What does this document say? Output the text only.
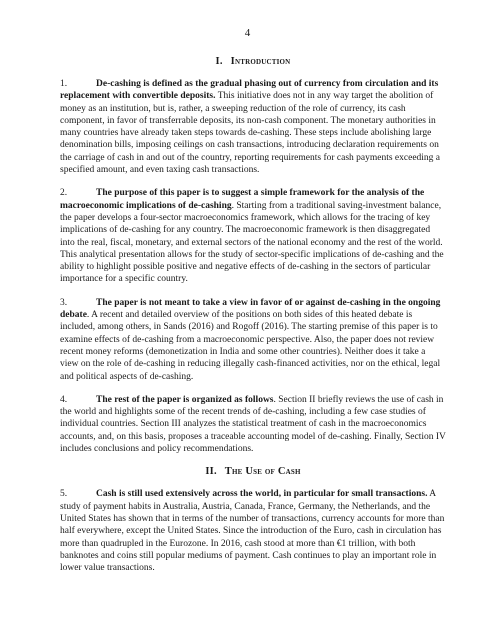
4
I. Introduction

1.	De-cashing is defined as the gradual phasing out of currency from circulation and its replacement with convertible deposits. This initiative does not in any way target the abolition of money as an institution, but is, rather, a sweeping reduction of the role of currency, its cash component, in favor of transferrable deposits, its non-cash component. The monetary authorities in many countries have already taken steps towards de-cashing. These steps include abolishing large denomination bills, imposing ceilings on cash transactions, introducing declaration requirements on the carriage of cash in and out of the country, reporting requirements for cash payments exceeding a specified amount, and even taxing cash transactions.

2.	The purpose of this paper is to suggest a simple framework for the analysis of the macroeconomic implications of de-cashing. Starting from a traditional saving-investment balance, the paper develops a four-sector macroeconomics framework, which allows for the tracing of key implications of de-cashing for any country. The macroeconomic framework is then disaggregated into the real, fiscal, monetary, and external sectors of the national economy and the rest of the world. This analytical presentation allows for the study of sector-specific implications of de-cashing and the ability to highlight possible positive and negative effects of de-cashing in the sectors of particular importance for a specific country.

3.	The paper is not meant to take a view in favor of or against de-cashing in the ongoing debate. A recent and detailed overview of the positions on both sides of this heated debate is included, among others, in Sands (2016) and Rogoff (2016). The starting premise of this paper is to examine effects of de-cashing from a macroeconomic perspective. Also, the paper does not review recent money reforms (demonetization in India and some other countries). Neither does it take a view on the role of de-cashing in reducing illegally cash-financed activities, nor on the ethical, legal and political aspects of de-cashing.

4.	The rest of the paper is organized as follows. Section II briefly reviews the use of cash in the world and highlights some of the recent trends of de-cashing, including a few case studies of individual countries. Section III analyzes the statistical treatment of cash in the macroeconomics accounts, and, on this basis, proposes a traceable accounting model of de-cashing. Finally, Section IV includes conclusions and policy recommendations.

II. The Use of Cash

5.	Cash is still used extensively across the world, in particular for small transactions. A study of payment habits in Australia, Austria, Canada, France, Germany, the Netherlands, and the United States has shown that in terms of the number of transactions, currency accounts for more than half everywhere, except the United States. Since the introduction of the Euro, cash in circulation has more than quadrupled in the Eurozone. In 2016, cash stood at more than €1 trillion, with both banknotes and coins still popular mediums of payment. Cash continues to play an important role in lower value transactions.
